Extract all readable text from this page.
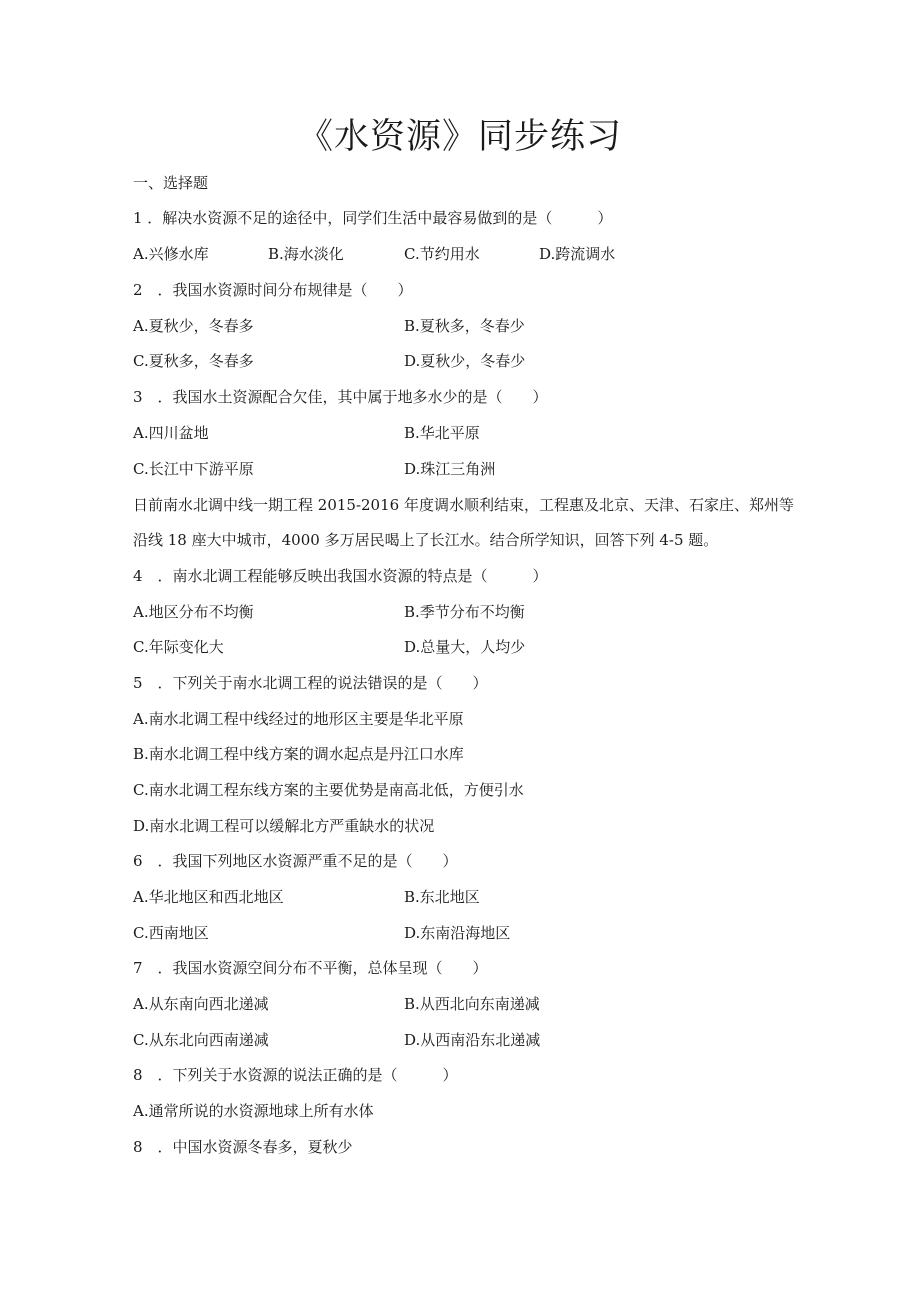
《水资源》同步练习
一、选择题
1 ．解决水资源不足的途径中，同学们生活中最容易做到的是（　　　）
A.兴修水库	B.海水淡化	C.节约用水	D.跨流调水
2　．我国水资源时间分布规律是（　　）
A.夏秋少，冬春多	B.夏秋多，冬春少
C.夏秋多，冬春多	D.夏秋少，冬春少
3　．我国水土资源配合欠佳，其中属于地多水少的是（　　）
A.四川盆地	B.华北平原
C.长江中下游平原	D.珠江三角洲
日前南水北调中线一期工程 2015-2016 年度调水顺利结束，工程惠及北京、天津、石家庄、郑州等
沿线 18 座大中城市，4000 多万居民喝上了长江水。结合所学知识，回答下列 4-5 题。
4　．南水北调工程能够反映出我国水资源的特点是（　　　）
A.地区分布不均衡	B.季节分布不均衡
C.年际变化大	D.总量大，人均少
5　．下列关于南水北调工程的说法错误的是（　　）
A.南水北调工程中线经过的地形区主要是华北平原
B.南水北调工程中线方案的调水起点是丹江口水库
C.南水北调工程东线方案的主要优势是南高北低，方便引水
D.南水北调工程可以缓解北方严重缺水的状况
6　．我国下列地区水资源严重不足的是（　　）
A.华北地区和西北地区	B.东北地区
C.西南地区	D.东南沿海地区
7　．我国水资源空间分布不平衡，总体呈现（　　）
A.从东南向西北递减	B.从西北向东南递减
C.从东北向西南递减	D.从西南沿东北递减
8　．下列关于水资源的说法正确的是（　　　）
A.通常所说的水资源地球上所有水体
8　．中国水资源冬春多，夏秋少
